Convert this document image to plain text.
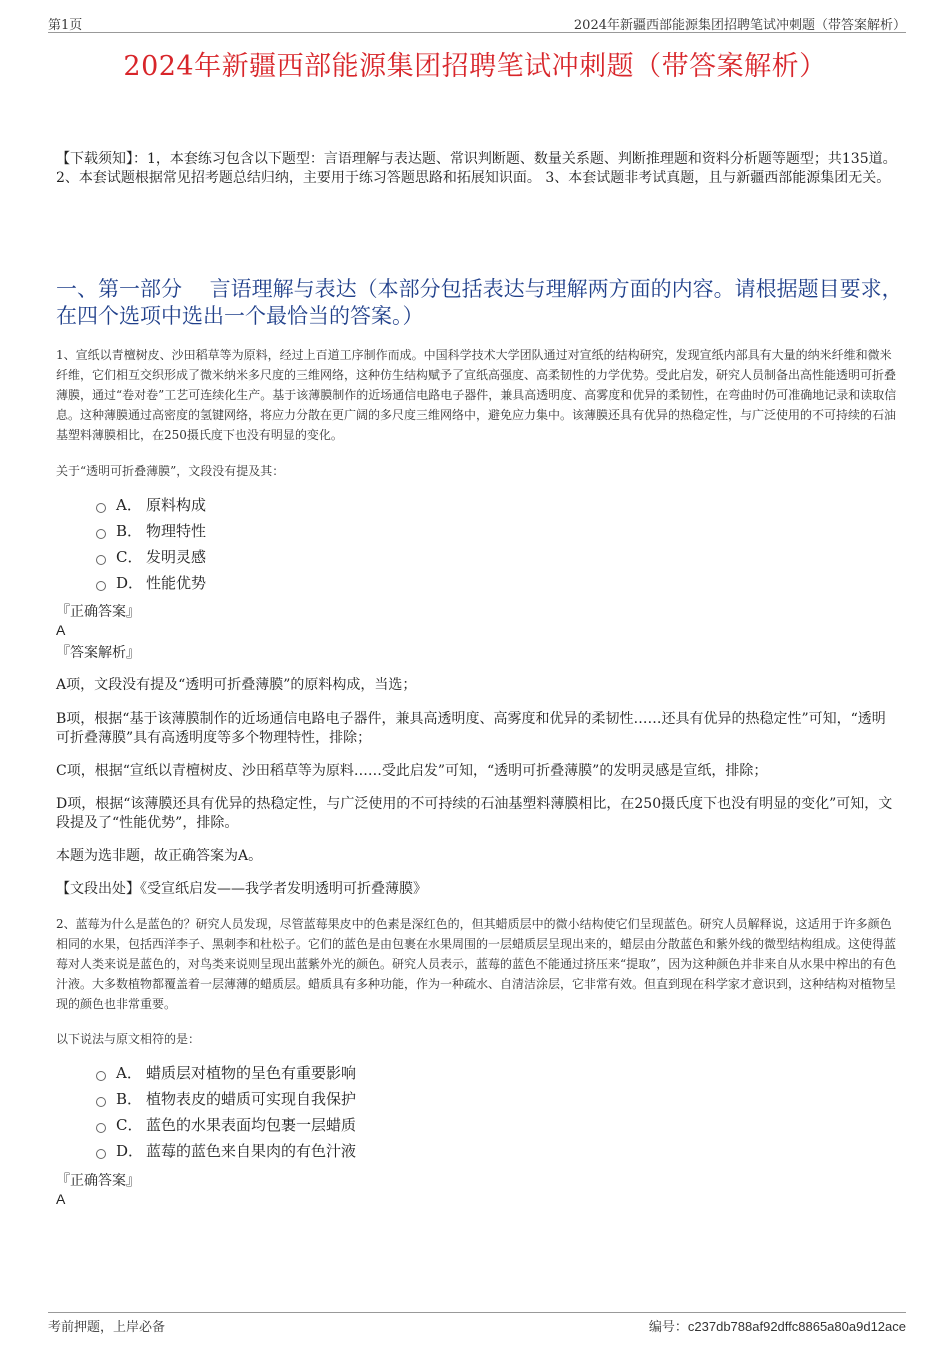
第1页	2024年新疆西部能源集团招聘笔试冲刺题（带答案解析）
2024年新疆西部能源集团招聘笔试冲刺题（带答案解析）
【下载须知】：1，本套练习包含以下题型：言语理解与表达题、常识判断题、数量关系题、判断推理题和资料分析题等题型；共135道。 2、本套试题根据常见招考题总结归纳，主要用于练习答题思路和拓展知识面。 3、本套试题非考试真题，且与新疆西部能源集团无关。
一、第一部分　 言语理解与表达（本部分包括表达与理解两方面的内容。请根据题目要求，在四个选项中选出一个最恰当的答案。）
1、宣纸以青檀树皮、沙田稻草等为原料，经过上百道工序制作而成。中国科学技术大学团队通过对宣纸的结构研究，发现宣纸内部具有大量的纳米纤维和微米纤维，它们相互交织形成了微米纳米多尺度的三维网络，这种仿生结构赋予了宣纸高强度、高柔韧性的力学优势。受此启发，研究人员制备出高性能透明可折叠薄膜，通过“卷对卷”工艺可连续化生产。基于该薄膜制作的近场通信电路电子器件，兼具高透明度、高雾度和优异的柔韧性，在弯曲时仍可准确地记录和读取信息。这种薄膜通过高密度的氢键网络，将应力分散在更广阔的多尺度三维网络中，避免应力集中。该薄膜还具有优异的热稳定性，与广泛使用的不可持续的石油基塑料薄膜相比，在250摄氏度下也没有明显的变化。
关于“透明可折叠薄膜”，文段没有提及其：
A． 原料构成
B． 物理特性
C． 发明灵感
D． 性能优势
『正确答案』
A
『答案解析』
A项，文段没有提及“透明可折叠薄膜”的原料构成，当选；
B项，根据“基于该薄膜制作的近场通信电路电子器件，兼具高透明度、高雾度和优异的柔韧性……还具有优异的热稳定性”可知，“透明可折叠薄膜”具有高透明度等多个物理特性，排除；
C项，根据“宣纸以青檀树皮、沙田稻草等为原料……受此启发”可知，“透明可折叠薄膜”的发明灵感是宣纸，排除；
D项，根据“该薄膜还具有优异的热稳定性，与广泛使用的不可持续的石油基塑料薄膜相比，在250摄氏度下也没有明显的变化”可知，文段提及了“性能优势”，排除。
本题为选非题，故正确答案为A。
【文段出处】《受宣纸启发——我学者发明透明可折叠薄膜》
2、蓝莓为什么是蓝色的？研究人员发现，尽管蓝莓果皮中的色素是深红色的，但其蜡质层中的微小结构使它们呈现蓝色。研究人员解释说，这适用于许多颜色相同的水果，包括西洋李子、黑刺李和杜松子。它们的蓝色是由包裹在水果周围的一层蜡质层呈现出来的，蜡层由分散蓝色和紫外线的微型结构组成。这使得蓝莓对人类来说是蓝色的，对鸟类来说则呈现出蓝紫外光的颜色。研究人员表示，蓝莓的蓝色不能通过挤压来“提取”，因为这种颜色并非来自从水果中榨出的有色汁液。大多数植物都覆盖着一层薄薄的蜡质层。蜡质具有多种功能，作为一种疏水、自清洁涂层，它非常有效。但直到现在科学家才意识到，这种结构对植物呈现的颜色也非常重要。
以下说法与原文相符的是：
A． 蜡质层对植物的呈色有重要影响
B． 植物表皮的蜡质可实现自我保护
C． 蓝色的水果表面均包裹一层蜡质
D． 蓝莓的蓝色来自果肉的有色汁液
『正确答案』
A
考前押题，上岸必备	编号：c237db788af92dffc8865a80a9d12ace
